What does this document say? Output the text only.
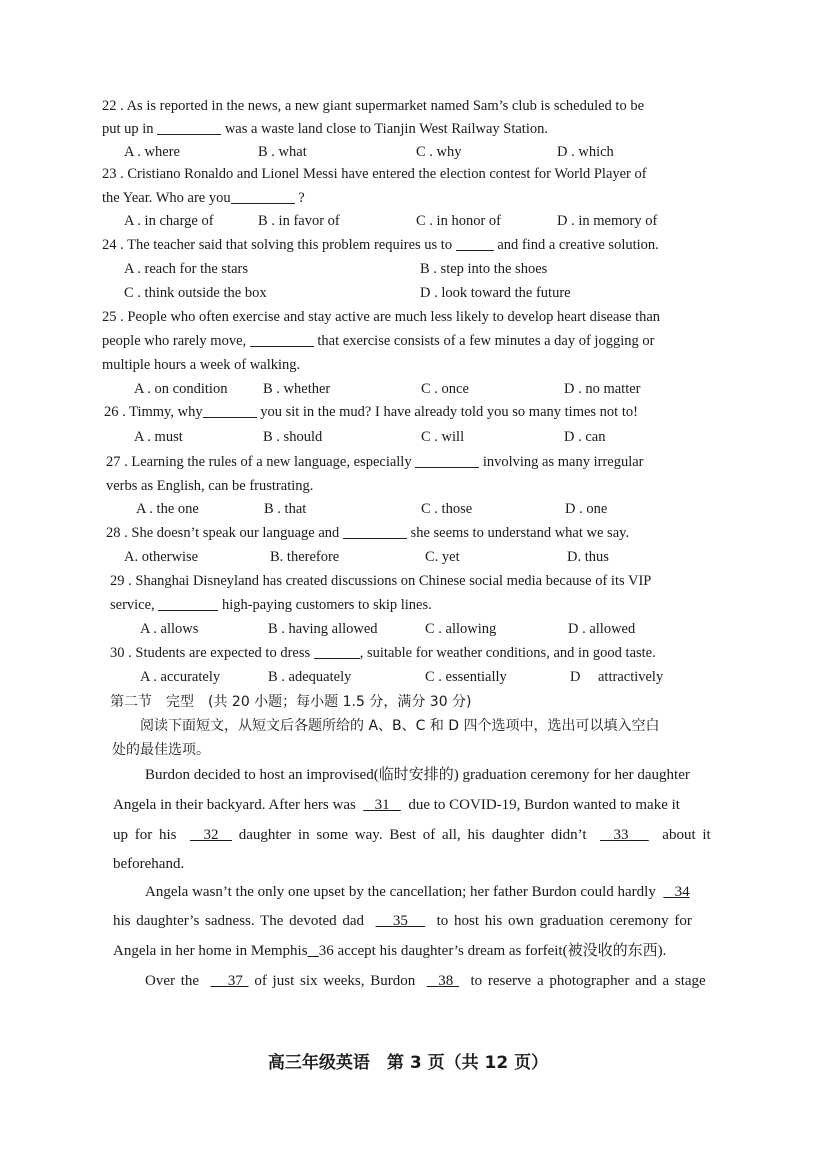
22 . As is reported in the news, a new giant supermarket named Sam’s club is scheduled to be
put up in	was a waste land close to Tianjin West Railway Station.
A . where	B . what	C . why	D . which
23 . Cristiano Ronaldo and Lionel Messi have entered the election contest for World Player of
the Year. Who are you	?
A . in charge of	B . in favor of	C . in honor of	D . in memory of
24 . The teacher said that solving this problem requires us to	and find a creative solution.
A . reach for the stars	B . step into the shoes
C . think outside the box	D . look toward the future
25 . People who often exercise and stay active are much less likely to develop heart disease than
people who rarely move,	that exercise consists of a few minutes a day of jogging or
multiple hours a week of walking.
A . on condition B . whether	C . once	D . no matter
26 . Timmy, why	you sit in the mud? I have already told you so many times not to!
A . must	B . should	C . will	D . can
27 . Learning the rules of a new language, especially	involving as many irregular
verbs as English, can be frustrating.
A . the one	B . that	C . those	D . one
28 . She doesn’t speak our language and	she seems to understand what we say.
A. otherwise	B. therefore	C. yet	D. thus
29 . Shanghai Disneyland has created discussions on Chinese social media because of its VIP
service,	high-paying customers to skip lines.
A . allows	B . having allowed	C . allowing	D . allowed
30 . Students are expected to dress	, suitable for weather conditions, and in good taste.
A . accurately	B . adequately	C . essentially	D attractively
第二节　完型　(共 20 小题；每小题 1.5 分，满分 30 分)
阅读下面短文，从短文后各题所给的 A、B、C 和 D 四个选项中，选出可以填入空白
处的最佳选项。
Burdon decided to host an improvised(临时安排的) graduation ceremony for her daughter
Angela in their backyard. After hers was 31 due to COVID-19, Burdon wanted to make it
up for his 32 daughter in some way. Best of all, his daughter didn’t 33 about it
beforehand.
Angela wasn’t the only one upset by the cancellation; her father Burdon could hardly 34
his daughter’s sadness. The devoted dad 35 to host his own graduation ceremony for
Angela in her home in Memphis 36 accept his daughter’s dream as forfeit(被没收的东西).
Over the 37 of just six weeks, Burdon 38 to reserve a photographer and a stage
高三年级英语　第 3 页（共 12 页）
